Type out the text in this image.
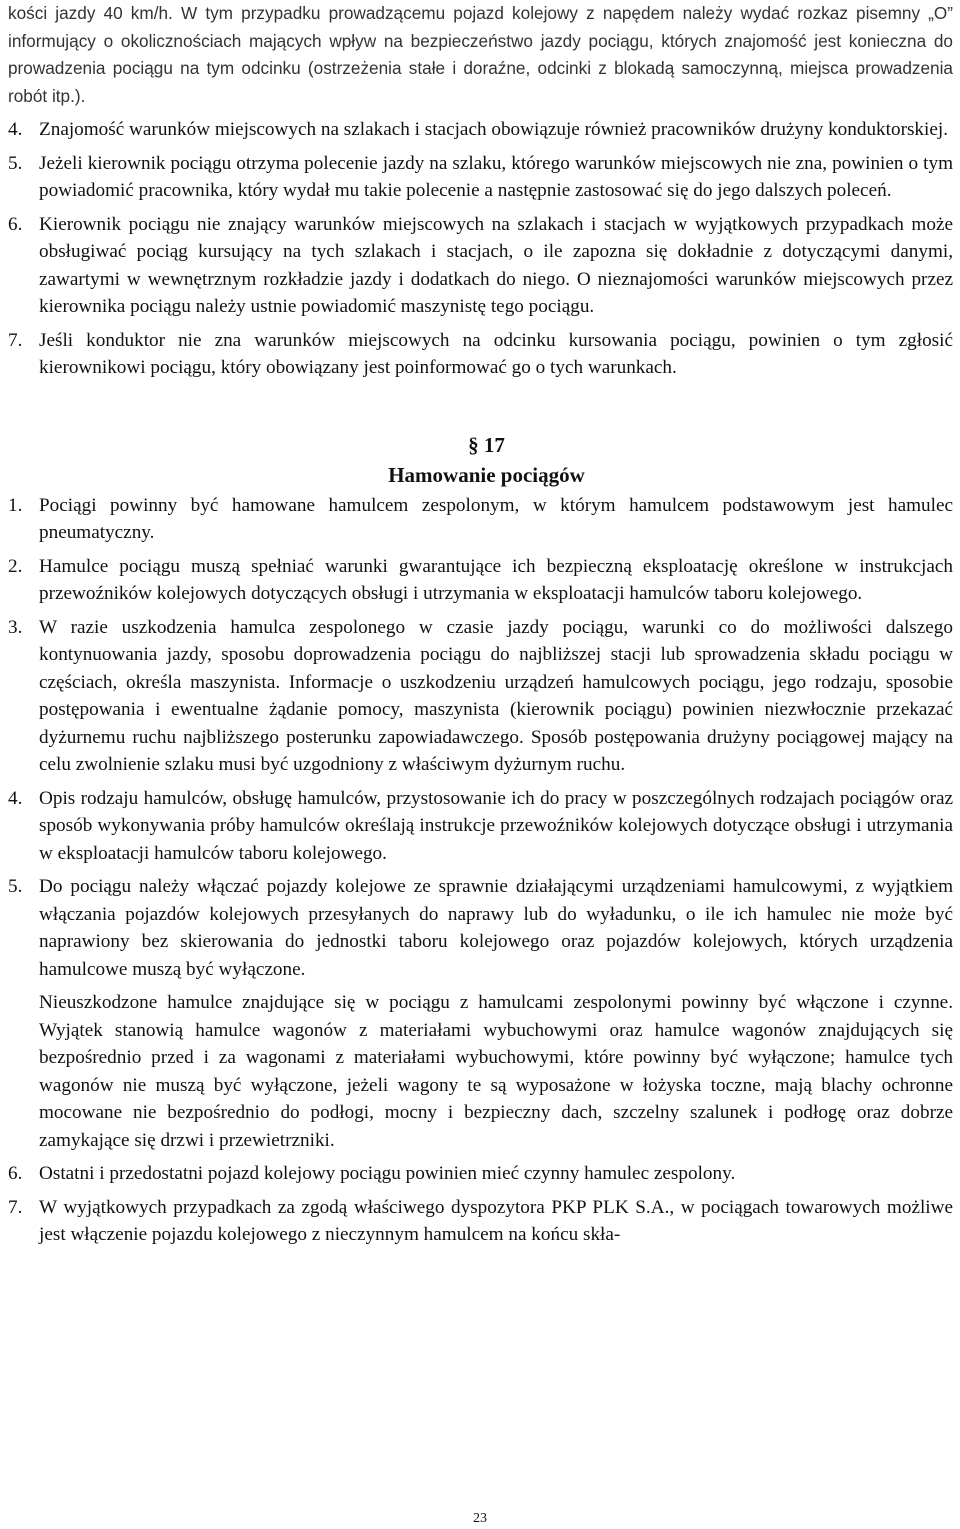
kości jazdy 40 km/h. W tym przypadku prowadzącemu pojazd kolejowy z napędem należy wydać rozkaz pisemny „O” informujący o okolicznościach mających wpływ na bezpieczeństwo jazdy pociągu, których znajomość jest konieczna do prowadzenia pociągu na tym odcinku (ostrzeżenia stałe i doraźne, odcinki z blokadą samoczynną, miejsca prowadzenia robót itp.).

4. Znajomość warunków miejscowych na szlakach i stacjach obowiązuje również pracowników drużyny konduktorskiej.

5. Jeżeli kierownik pociągu otrzyma polecenie jazdy na szlaku, którego warunków miejscowych nie zna, powinien o tym powiadomić pracownika, który wydał mu takie polecenie a następnie zastosować się do jego dalszych poleceń.

6. Kierownik pociągu nie znający warunków miejscowych na szlakach i stacjach w wyjątkowych przypadkach może obsługiwać pociąg kursujący na tych szlakach i stacjach, o ile zapozna się dokładnie z dotyczącymi danymi, zawartymi w wewnętrznym rozkładzie jazdy i dodatkach do niego. O nieznajomości warunków miejscowych przez kierownika pociągu należy ustnie powiadomić maszynistę tego pociągu.

7. Jeśli konduktor nie zna warunków miejscowych na odcinku kursowania pociągu, powinien o tym zgłosić kierownikowi pociągu, który obowiązany jest poinformować go o tych warunkach.

§ 17
Hamowanie pociągów

1. Pociągi powinny być hamowane hamulcem zespolonym, w którym hamulcem podstawowym jest hamulec pneumatyczny.

2. Hamulce pociągu muszą spełniać warunki gwarantujące ich bezpieczną eksploatację określone w instrukcjach przewoźników kolejowych dotyczących obsługi i utrzymania w eksploatacji hamulców taboru kolejowego.

3. W razie uszkodzenia hamulca zespolonego w czasie jazdy pociągu, warunki co do możliwości dalszego kontynuowania jazdy, sposobu doprowadzenia pociągu do najbliższej stacji lub sprowadzenia składu pociągu w częściach, określa maszynista. Informacje o uszkodzeniu urządzeń hamulcowych pociągu, jego rodzaju, sposobie postępowania i ewentualne żądanie pomocy, maszynista (kierownik pociągu) powinien niezwłocznie przekazać dyżurnemu ruchu najbliższego posterunku zapowiadawczego. Sposób postępowania drużyny pociągowej mający na celu zwolnienie szlaku musi być uzgodniony z właściwym dyżurnym ruchu.

4. Opis rodzaju hamulców, obsługę hamulców, przystosowanie ich do pracy w poszczególnych rodzajach pociągów oraz sposób wykonywania próby hamulców określają instrukcje przewoźników kolejowych dotyczące obsługi i utrzymania w eksploatacji hamulców taboru kolejowego.

5. Do pociągu należy włączać pojazdy kolejowe ze sprawnie działającymi urządzeniami hamulcowymi, z wyjątkiem włączania pojazdów kolejowych przesyłanych do naprawy lub do wyładunku, o ile ich hamulec nie może być naprawiony bez skierowania do jednostki taboru kolejowego oraz pojazdów kolejowych, których urządzenia hamulcowe muszą być wyłączone.

Nieuszkodzone hamulce znajdujące się w pociągu z hamulcami zespolonymi powinny być włączone i czynne. Wyjątek stanowią hamulce wagonów z materiałami wybuchowymi oraz hamulce wagonów znajdujących się bezpośrednio przed i za wagonami z materiałami wybuchowymi, które powinny być wyłączone; hamulce tych wagonów nie muszą być wyłączone, jeżeli wagony te są wyposażone w łożyska toczne, mają blachy ochronne mocowane nie bezpośrednio do podłogi, mocny i bezpieczny dach, szczelny szalunek i podłogę oraz dobrze zamykające się drzwi i przewietrzniki.

6. Ostatni i przedostatni pojazd kolejowy pociągu powinien mieć czynny hamulec zespolony.

7. W wyjątkowych przypadkach za zgodą właściwego dyspozytora PKP PLK S.A., w pociągach towarowych możliwe jest włączenie pojazdu kolejowego z nieczynnym hamulcem na końcu skła-

23
